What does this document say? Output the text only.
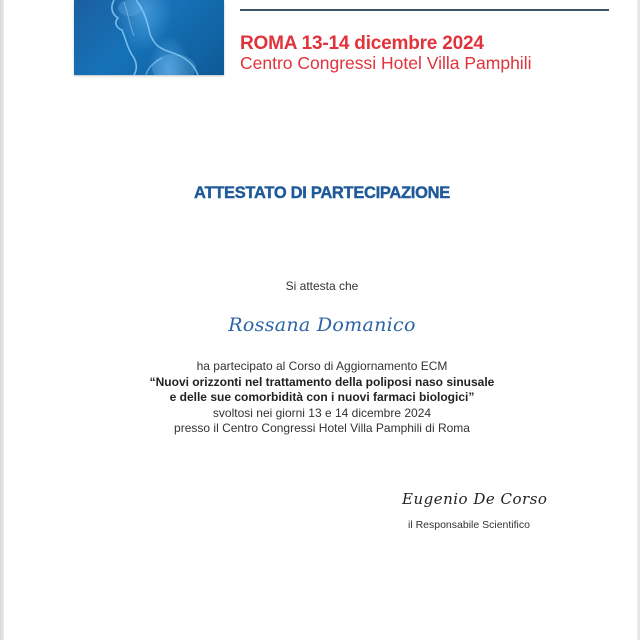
ROMA 13-14 dicembre 2024
Centro Congressi Hotel Villa Pamphili
ATTESTATO DI PARTECIPAZIONE
Si attesta che
Rossana Domanico
ha partecipato al Corso di Aggiornamento ECM
“Nuovi orizzonti nel trattamento della poliposi naso sinusale
e delle sue comorbidità con i nuovi farmaci biologici”
svoltosi nei giorni 13 e 14 dicembre 2024
presso il Centro Congressi Hotel Villa Pamphili di Roma
Eugenio De Corso
il Responsabile Scientifico
